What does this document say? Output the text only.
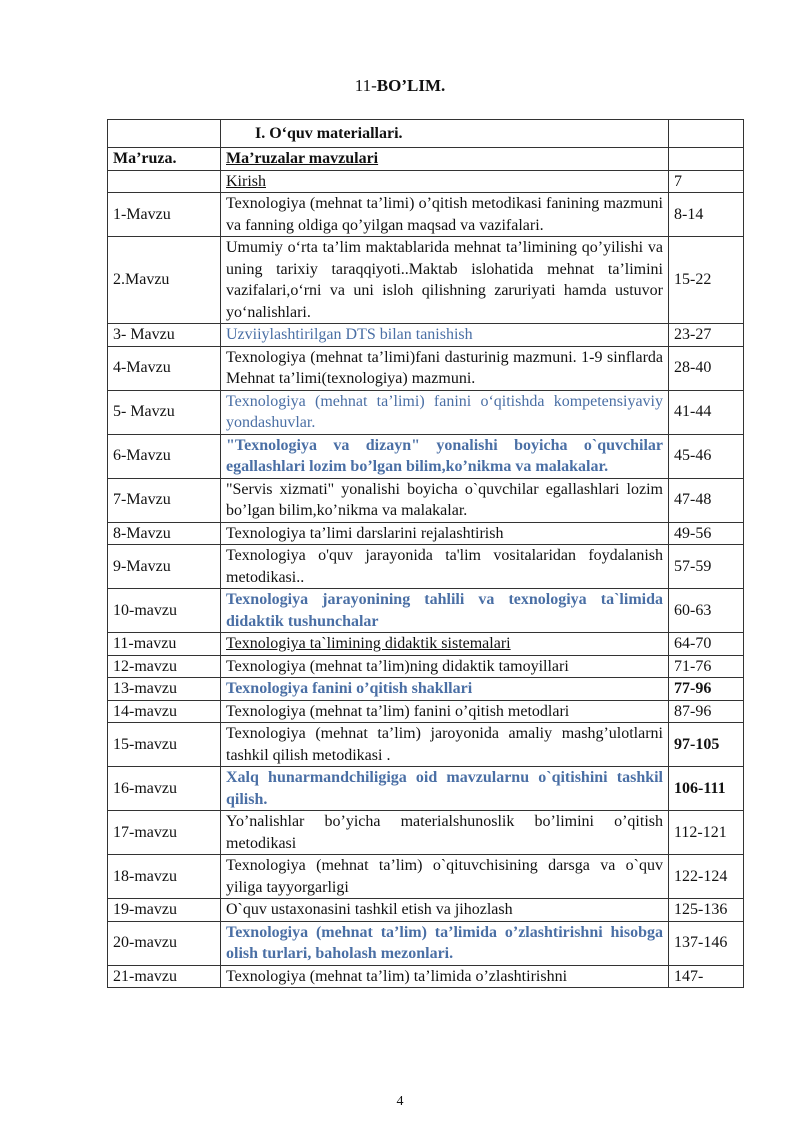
11-BO’LIM.
	I. O‘quv materiallari.	
Ma’ruza.	Ma’ruzalar mavzulari	
	Kirish	7
1-Mavzu	Texnologiya (mehnat ta’limi) o’qitish metodikasi fanining mazmuni va fanning oldiga qo’yilgan maqsad va vazifalari.	8-14
2.Mavzu	Umumiy o‘rta ta’lim maktablarida mehnat ta’limining qo’yilishi va uning tarixiy taraqqiyoti..Maktab islohatida mehnat ta’limini vazifalari,o‘rni va uni isloh qilishning zaruriyati hamda ustuvor yo‘nalishlari.	15-22
3- Mavzu	Uzviiylashtirilgan DTS bilan tanishish	23-27
4-Mavzu	Texnologiya (mehnat ta’limi)fani dasturinig mazmuni. 1-9 sinflarda Mehnat ta’limi(texnologiya) mazmuni.	28-40
5- Mavzu	Texnologiya (mehnat ta’limi) fanini o‘qitishda kompetensiyaviy yondashuvlar.	41-44
6-Mavzu	"Texnologiya va dizayn" yonalishi boyicha o`quvchilar egallashlari lozim bo’lgan bilim,ko’nikma va malakalar.	45-46
7-Mavzu	"Servis xizmati" yonalishi boyicha o`quvchilar egallashlari lozim bo’lgan bilim,ko’nikma va malakalar.	47-48
8-Mavzu	Texnologiya ta’limi darslarini rejalashtirish	49-56
9-Mavzu	Texnologiya o'quv jarayonida ta'lim vositalaridan foydalanish metodikasi..	57-59
10-mavzu	Texnologiya jarayonining tahlili va texnologiya ta`limida didaktik tushunchalar	60-63
11-mavzu	Texnologiya ta`limining didaktik sistemalari	64-70
12-mavzu	Texnologiya (mehnat ta’lim)ning didaktik tamoyillari	71-76
13-mavzu	Texnologiya fanini o’qitish shakllari	77-96
14-mavzu	Texnologiya (mehnat ta’lim) fanini o’qitish metodlari	87-96
15-mavzu	Texnologiya (mehnat ta’lim) jaroyonida amaliy mashg’ulotlarni tashkil qilish metodikasi .	97-105
16-mavzu	Xalq hunarmandchiligiga oid mavzularnu o`qitishini tashkil qilish.	106-111
17-mavzu	Yo’nalishlar bo’yicha materialshunoslik bo’limini o’qitish metodikasi	112-121
18-mavzu	Texnologiya (mehnat ta’lim) o`qituvchisining darsga va o`quv yiliga tayyorgarligi	122-124
19-mavzu	O`quv ustaxonasini tashkil etish va jihozlash	125-136
20-mavzu	Texnologiya (mehnat ta’lim) ta’limida o’zlashtirishni hisobga olish turlari, baholash mezonlari.	137-146
21-mavzu	Texnologiya (mehnat ta’lim) ta’limida o’zlashtirishni	147-
4
